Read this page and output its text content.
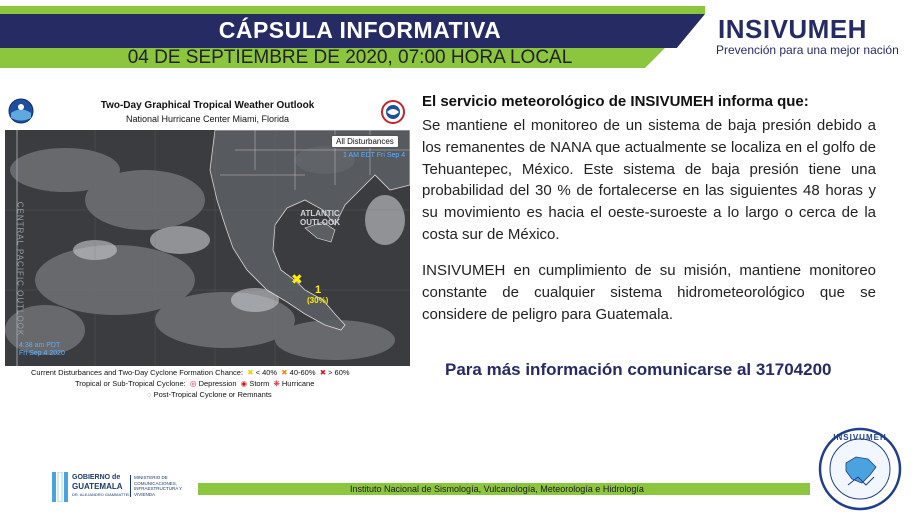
CÁPSULA INFORMATIVA
04 DE SEPTIEMBRE DE 2020, 07:00 HORA LOCAL
INSIVUMEH
Prevención para una mejor nación
Two-Day Graphical Tropical Weather Outlook
National Hurricane Center Miami, Florida
All Disturbances
CENTRAL PACIFIC OUTLOOK	ATLANTIC
OUTLOOK
1 AM EDT Fri Sep 4
4:38 am PDT
Fri Sep 4 2020
✖
1
(30%)
Current Disturbances and Two-Day Cyclone Formation Chance: ✖ < 40% ✖ 40-60% ✖ > 60%
Tropical or Sub-Tropical Cyclone: ◎ Depression ◉ Storm ❋ Hurricane
◌ Post-Tropical Cyclone or Remnants
El servicio meteorológico de INSIVUMEH informa que:
Se mantiene el monitoreo de un sistema de baja presión debido a los remanentes de NANA que actualmente se localiza en el golfo de Tehuantepec, México. Este sistema de baja presión tiene una probabilidad del 30 % de fortalecerse en las siguientes 48 horas y su movimiento es hacia el oeste-suroeste a lo largo o cerca de la costa sur de México.
INSIVUMEH en cumplimiento de su misión, mantiene monitoreo constante de cualquier sistema hidrometeorológico que se considere de peligro para Guatemala.
Para más información comunicarse al 31704200
Instituto Nacional de Sismología, Vulcanología, Meteorología e Hidrología
GOBIERNO de
GUATEMALA
DR. ALEJANDRO GIAMMATTEI
MINISTERIO DE COMUNICACIONES, INFRAESTRUCTURA Y VIVIENDA
INSIVUMEH
